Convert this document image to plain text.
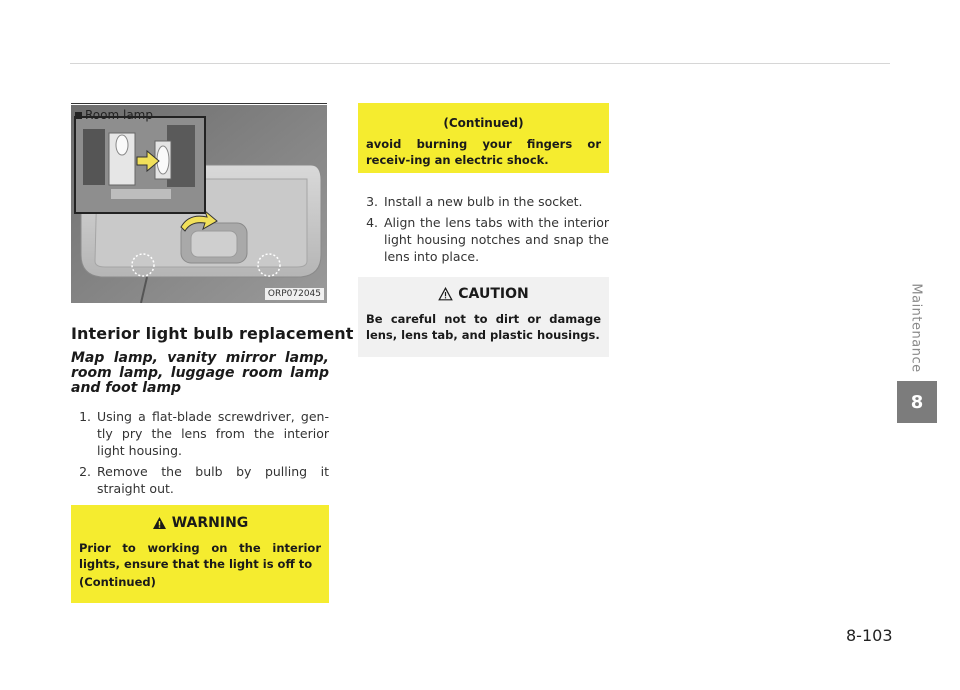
Room lamp
ORP072045
Interior light bulb replacement
Map lamp, vanity mirror lamp, room lamp, luggage room lamp and foot lamp
1. Using a flat-blade screwdriver, gen-tly pry the lens from the interior light housing.
2. Remove the bulb by pulling it straight out.
WARNING
Prior to working on the interior lights, ensure that the light is off to
(Continued)
(Continued)
avoid burning your fingers or receiv-ing an electric shock.
3. Install a new bulb in the socket.
4. Align the lens tabs with the interior light housing notches and snap the lens into place.
CAUTION
Be careful not to dirt or damage lens, lens tab, and plastic housings.	Maintenance
8
8-103
